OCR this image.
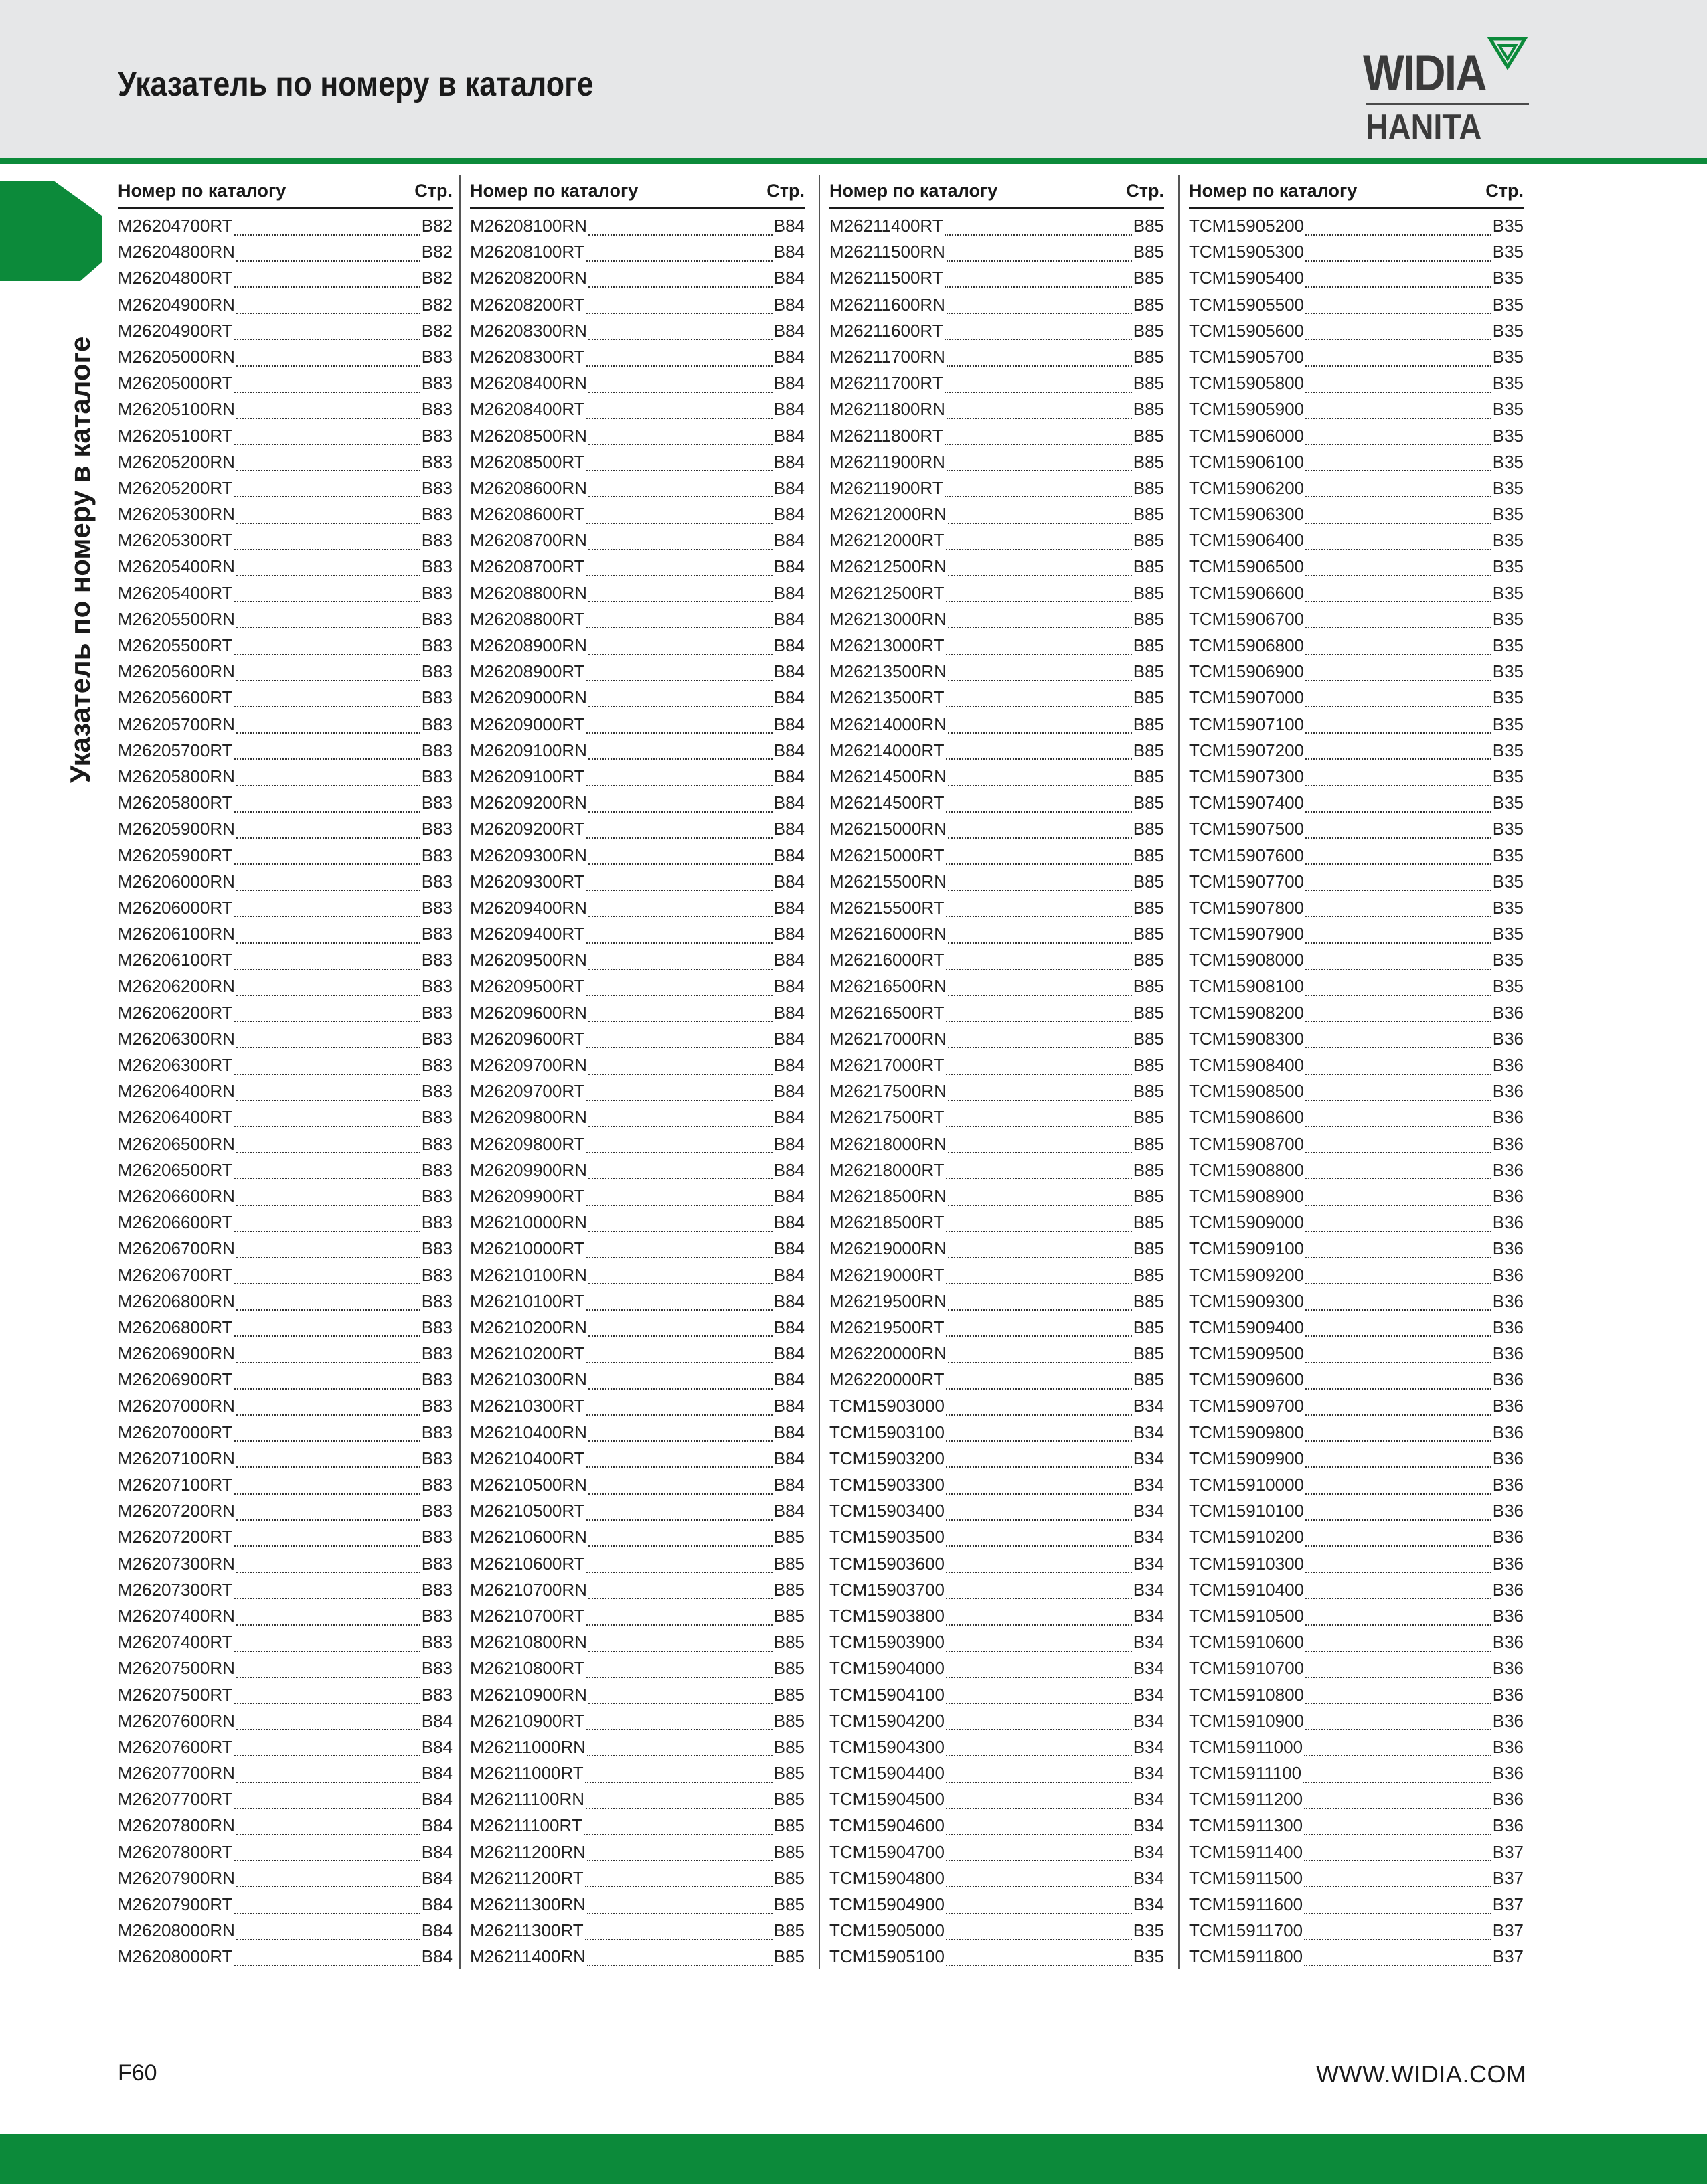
Указатель по номеру в каталоге	WIDIA
HANITA
Указатель по номеру в каталоге
Номер по каталогу	Стр.
M26204700RT	B82
M26204800RN	B82
M26204800RT	B82
M26204900RN	B82
M26204900RT	B82
M26205000RN	B83
M26205000RT	B83
M26205100RN	B83
M26205100RT	B83
M26205200RN	B83
M26205200RT	B83
M26205300RN	B83
M26205300RT	B83
M26205400RN	B83
M26205400RT	B83
M26205500RN	B83
M26205500RT	B83
M26205600RN	B83
M26205600RT	B83
M26205700RN	B83
M26205700RT	B83
M26205800RN	B83
M26205800RT	B83
M26205900RN	B83
M26205900RT	B83
M26206000RN	B83
M26206000RT	B83
M26206100RN	B83
M26206100RT	B83
M26206200RN	B83
M26206200RT	B83
M26206300RN	B83
M26206300RT	B83
M26206400RN	B83
M26206400RT	B83
M26206500RN	B83
M26206500RT	B83
M26206600RN	B83
M26206600RT	B83
M26206700RN	B83
M26206700RT	B83
M26206800RN	B83
M26206800RT	B83
M26206900RN	B83
M26206900RT	B83
M26207000RN	B83
M26207000RT	B83
M26207100RN	B83
M26207100RT	B83
M26207200RN	B83
M26207200RT	B83
M26207300RN	B83
M26207300RT	B83
M26207400RN	B83
M26207400RT	B83
M26207500RN	B83
M26207500RT	B83
M26207600RN	B84
M26207600RT	B84
M26207700RN	B84
M26207700RT	B84
M26207800RN	B84
M26207800RT	B84
M26207900RN	B84
M26207900RT	B84
M26208000RN	B84
M26208000RT	B84
Номер по каталогу	Стр.
M26208100RN	B84
M26208100RT	B84
M26208200RN	B84
M26208200RT	B84
M26208300RN	B84
M26208300RT	B84
M26208400RN	B84
M26208400RT	B84
M26208500RN	B84
M26208500RT	B84
M26208600RN	B84
M26208600RT	B84
M26208700RN	B84
M26208700RT	B84
M26208800RN	B84
M26208800RT	B84
M26208900RN	B84
M26208900RT	B84
M26209000RN	B84
M26209000RT	B84
M26209100RN	B84
M26209100RT	B84
M26209200RN	B84
M26209200RT	B84
M26209300RN	B84
M26209300RT	B84
M26209400RN	B84
M26209400RT	B84
M26209500RN	B84
M26209500RT	B84
M26209600RN	B84
M26209600RT	B84
M26209700RN	B84
M26209700RT	B84
M26209800RN	B84
M26209800RT	B84
M26209900RN	B84
M26209900RT	B84
M26210000RN	B84
M26210000RT	B84
M26210100RN	B84
M26210100RT	B84
M26210200RN	B84
M26210200RT	B84
M26210300RN	B84
M26210300RT	B84
M26210400RN	B84
M26210400RT	B84
M26210500RN	B84
M26210500RT	B84
M26210600RN	B85
M26210600RT	B85
M26210700RN	B85
M26210700RT	B85
M26210800RN	B85
M26210800RT	B85
M26210900RN	B85
M26210900RT	B85
M26211000RN	B85
M26211000RT	B85
M26211100RN	B85
M26211100RT	B85
M26211200RN	B85
M26211200RT	B85
M26211300RN	B85
M26211300RT	B85
M26211400RN	B85
Номер по каталогу	Стр.
M26211400RT	B85
M26211500RN	B85
M26211500RT	B85
M26211600RN	B85
M26211600RT	B85
M26211700RN	B85
M26211700RT	B85
M26211800RN	B85
M26211800RT	B85
M26211900RN	B85
M26211900RT	B85
M26212000RN	B85
M26212000RT	B85
M26212500RN	B85
M26212500RT	B85
M26213000RN	B85
M26213000RT	B85
M26213500RN	B85
M26213500RT	B85
M26214000RN	B85
M26214000RT	B85
M26214500RN	B85
M26214500RT	B85
M26215000RN	B85
M26215000RT	B85
M26215500RN	B85
M26215500RT	B85
M26216000RN	B85
M26216000RT	B85
M26216500RN	B85
M26216500RT	B85
M26217000RN	B85
M26217000RT	B85
M26217500RN	B85
M26217500RT	B85
M26218000RN	B85
M26218000RT	B85
M26218500RN	B85
M26218500RT	B85
M26219000RN	B85
M26219000RT	B85
M26219500RN	B85
M26219500RT	B85
M26220000RN	B85
M26220000RT	B85
TCM15903000	B34
TCM15903100	B34
TCM15903200	B34
TCM15903300	B34
TCM15903400	B34
TCM15903500	B34
TCM15903600	B34
TCM15903700	B34
TCM15903800	B34
TCM15903900	B34
TCM15904000	B34
TCM15904100	B34
TCM15904200	B34
TCM15904300	B34
TCM15904400	B34
TCM15904500	B34
TCM15904600	B34
TCM15904700	B34
TCM15904800	B34
TCM15904900	B34
TCM15905000	B35
TCM15905100	B35
Номер по каталогу	Стр.
TCM15905200	B35
TCM15905300	B35
TCM15905400	B35
TCM15905500	B35
TCM15905600	B35
TCM15905700	B35
TCM15905800	B35
TCM15905900	B35
TCM15906000	B35
TCM15906100	B35
TCM15906200	B35
TCM15906300	B35
TCM15906400	B35
TCM15906500	B35
TCM15906600	B35
TCM15906700	B35
TCM15906800	B35
TCM15906900	B35
TCM15907000	B35
TCM15907100	B35
TCM15907200	B35
TCM15907300	B35
TCM15907400	B35
TCM15907500	B35
TCM15907600	B35
TCM15907700	B35
TCM15907800	B35
TCM15907900	B35
TCM15908000	B35
TCM15908100	B35
TCM15908200	B36
TCM15908300	B36
TCM15908400	B36
TCM15908500	B36
TCM15908600	B36
TCM15908700	B36
TCM15908800	B36
TCM15908900	B36
TCM15909000	B36
TCM15909100	B36
TCM15909200	B36
TCM15909300	B36
TCM15909400	B36
TCM15909500	B36
TCM15909600	B36
TCM15909700	B36
TCM15909800	B36
TCM15909900	B36
TCM15910000	B36
TCM15910100	B36
TCM15910200	B36
TCM15910300	B36
TCM15910400	B36
TCM15910500	B36
TCM15910600	B36
TCM15910700	B36
TCM15910800	B36
TCM15910900	B36
TCM15911000	B36
TCM15911100	B36
TCM15911200	B36
TCM15911300	B36
TCM15911400	B37
TCM15911500	B37
TCM15911600	B37
TCM15911700	B37
TCM15911800	B37
F60	WWW.WIDIA.COM
